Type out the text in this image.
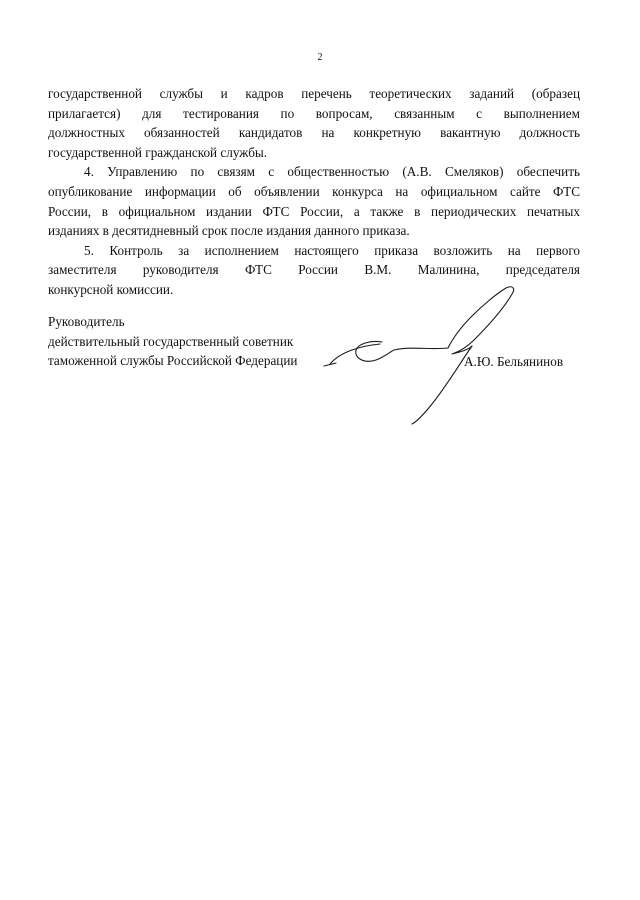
2

государственной службы и кадров перечень теоретических заданий (образец
прилагается) для тестирования по вопросам, связанным с выполнением
должностных обязанностей кандидатов на конкретную вакантную должность
государственной гражданской службы.

4. Управлению по связям с общественностью (А.В. Смеляков) обеспечить
опубликование информации об объявлении конкурса на официальном сайте ФТС
России, в официальном издании ФТС России, а также в периодических печатных
изданиях в десятидневный срок после издания данного приказа.

5. Контроль за исполнением настоящего приказа возложить на первого
заместителя руководителя ФТС России В.М. Малинина, председателя
конкурсной комиссии.

Руководитель
действительный государственный советник
таможенной службы Российской Федерации	А.Ю. Бельянинов
